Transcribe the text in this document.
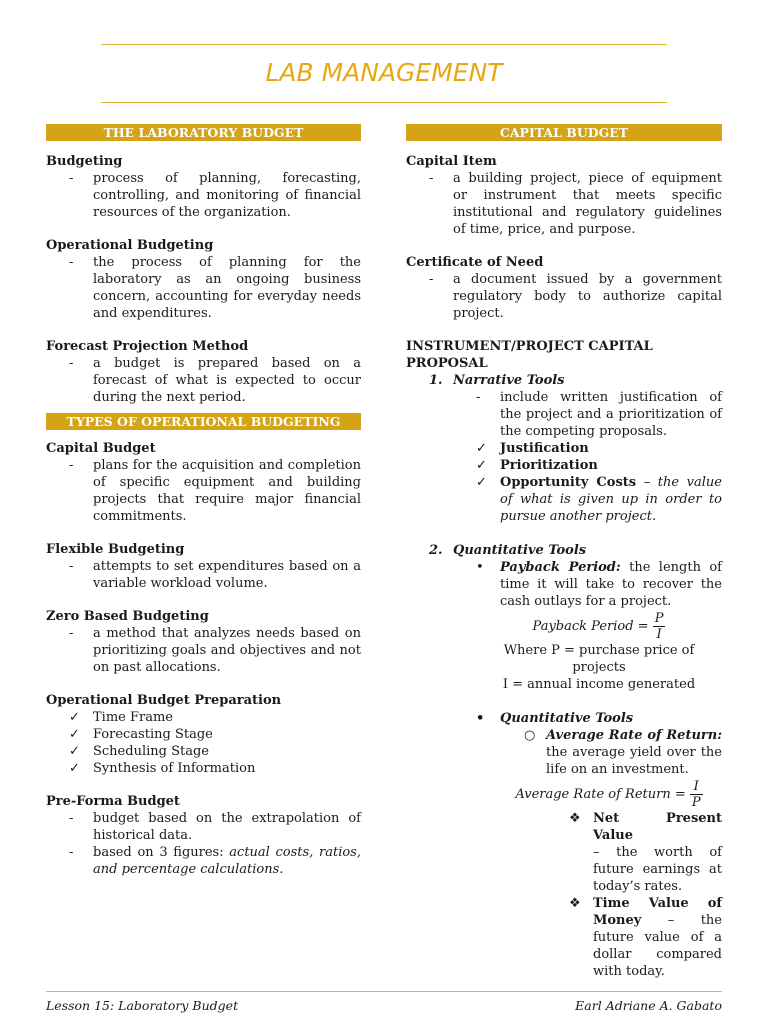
LAB MANAGEMENT
THE LABORATORY BUDGET
Budgeting
- process of planning, forecasting, controlling, and monitoring of financial resources of the organization.
Operational Budgeting
- the process of planning for the laboratory as an ongoing business concern, accounting for everyday needs and expenditures.
Forecast Projection Method
- a budget is prepared based on a forecast of what is expected to occur during the next period.
TYPES OF OPERATIONAL BUDGETING
Capital Budget
- plans for the acquisition and completion of specific equipment and building projects that require major financial commitments.
Flexible Budgeting
- attempts to set expenditures based on a variable workload volume.
Zero Based Budgeting
- a method that analyzes needs based on prioritizing goals and objectives and not on past allocations.
Operational Budget Preparation
✓ Time Frame
✓ Forecasting Stage
✓ Scheduling Stage
✓ Synthesis of Information
Pre-Forma Budget
- budget based on the extrapolation of historical data.
- based on 3 figures: actual costs, ratios, and percentage calculations.
CAPITAL BUDGET
Capital Item
- a building project, piece of equipment or instrument that meets specific institutional and regulatory guidelines of time, price, and purpose.
Certificate of Need
- a document issued by a government regulatory body to authorize capital project.
INSTRUMENT/PROJECT CAPITAL PROPOSAL
1. Narrative Tools
- include written justification of the project and a prioritization of the competing proposals.
✓ Justification
✓ Prioritization
✓ Opportunity Costs – the value of what is given up in order to pursue another project.
2. Quantitative Tools
• Payback Period: the length of time it will take to recover the cash outlays for a project.
Payback Period = $\frac{P}{I}$
Where P = purchase price of projects
I = annual income generated
• Quantitative Tools
○ Average Rate of Return: the average yield over the life on an investment.
Average Rate of Return = $\frac{I}{P}$
❖ Net Present Value
– the worth of future earnings at today’s rates.
❖ Time Value of Money – the future value of a dollar compared with today.
Lesson 15: Laboratory Budget	Earl Adriane A. Gabato
